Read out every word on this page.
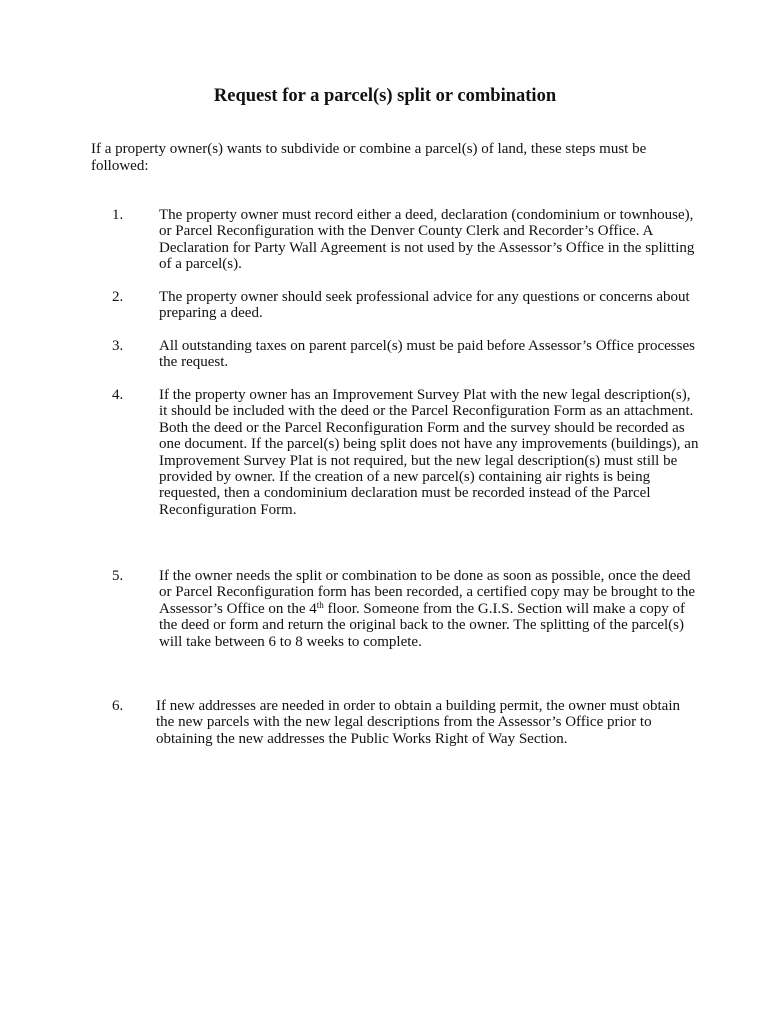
Request for a parcel(s) split or combination
If a property owner(s) wants to subdivide or combine a parcel(s) of land, these steps must be followed:
1. The property owner must record either a deed, declaration (condominium or townhouse), or Parcel Reconfiguration with the Denver County Clerk and Recorder’s Office. A Declaration for Party Wall Agreement is not used by the Assessor’s Office in the splitting of a parcel(s).
2. The property owner should seek professional advice for any questions or concerns about preparing a deed.
3. All outstanding taxes on parent parcel(s) must be paid before Assessor’s Office processes the request.
4. If the property owner has an Improvement Survey Plat with the new legal description(s), it should be included with the deed or the Parcel Reconfiguration Form as an attachment. Both the deed or the Parcel Reconfiguration Form and the survey should be recorded as one document. If the parcel(s) being split does not have any improvements (buildings), an Improvement Survey Plat is not required, but the new legal description(s) must still be provided by owner. If the creation of a new parcel(s) containing air rights is being requested, then a condominium declaration must be recorded instead of the Parcel Reconfiguration Form.
5. If the owner needs the split or combination to be done as soon as possible, once the deed or Parcel Reconfiguration form has been recorded, a certified copy may be brought to the Assessor’s Office on the 4th floor. Someone from the G.I.S. Section will make a copy of the deed or form and return the original back to the owner. The splitting of the parcel(s) will take between 6 to 8 weeks to complete.
6. If new addresses are needed in order to obtain a building permit, the owner must obtain the new parcels with the new legal descriptions from the Assessor’s Office prior to obtaining the new addresses the Public Works Right of Way Section.
